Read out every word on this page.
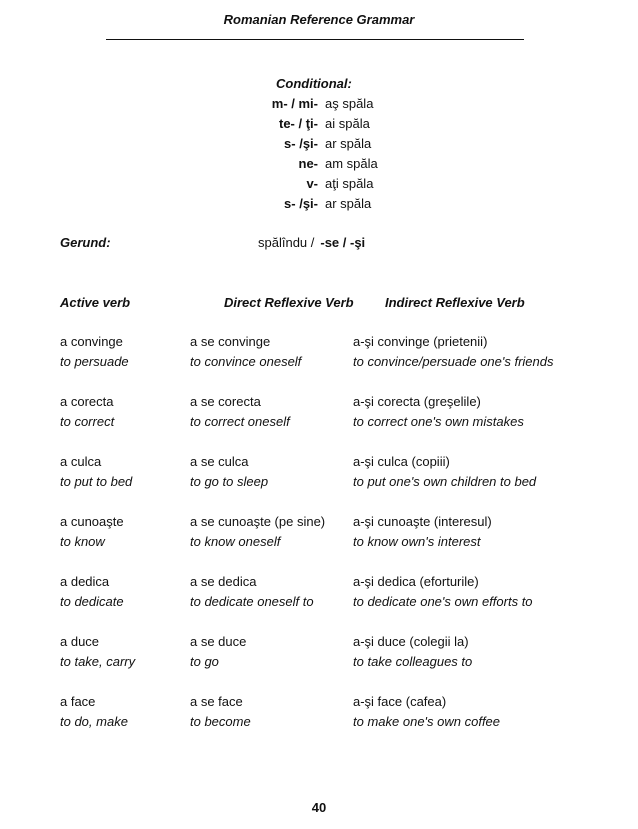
Romanian Reference Grammar
Conditional:
m- / mi- aş spăla
te- / ţi- ai spăla
s- /şi- ar spăla
ne- am spăla
v- aţi spăla
s- /şi- ar spăla
Gerund:	spălîndu / -se / -şi
Active verb	Direct Reflexive Verb Indirect Reflexive Verb
a convinge
to persuade
a se convinge
to convince oneself
a-şi convinge (prietenii)
to convince/persuade one's friends
a corecta
to correct
a se corecta
to correct oneself
a-şi corecta (greşelile)
to correct one's own mistakes
a culca
to put to bed
a se culca
to go to sleep
a-şi culca (copiii)
to put one's own children to bed
a cunoaşte
to know
a se cunoaşte (pe sine)
to know oneself
a-şi cunoaşte (interesul)
to know own's interest
a dedica
to dedicate
a se dedica
to dedicate oneself to
a-şi dedica (eforturile)
to dedicate one's own efforts to
a duce
to take, carry
a se duce
to go
a-şi duce (colegii la)
to take colleagues to
a face
to do, make
a se face
to become
a-şi face (cafea)
to make one's own coffee
40
